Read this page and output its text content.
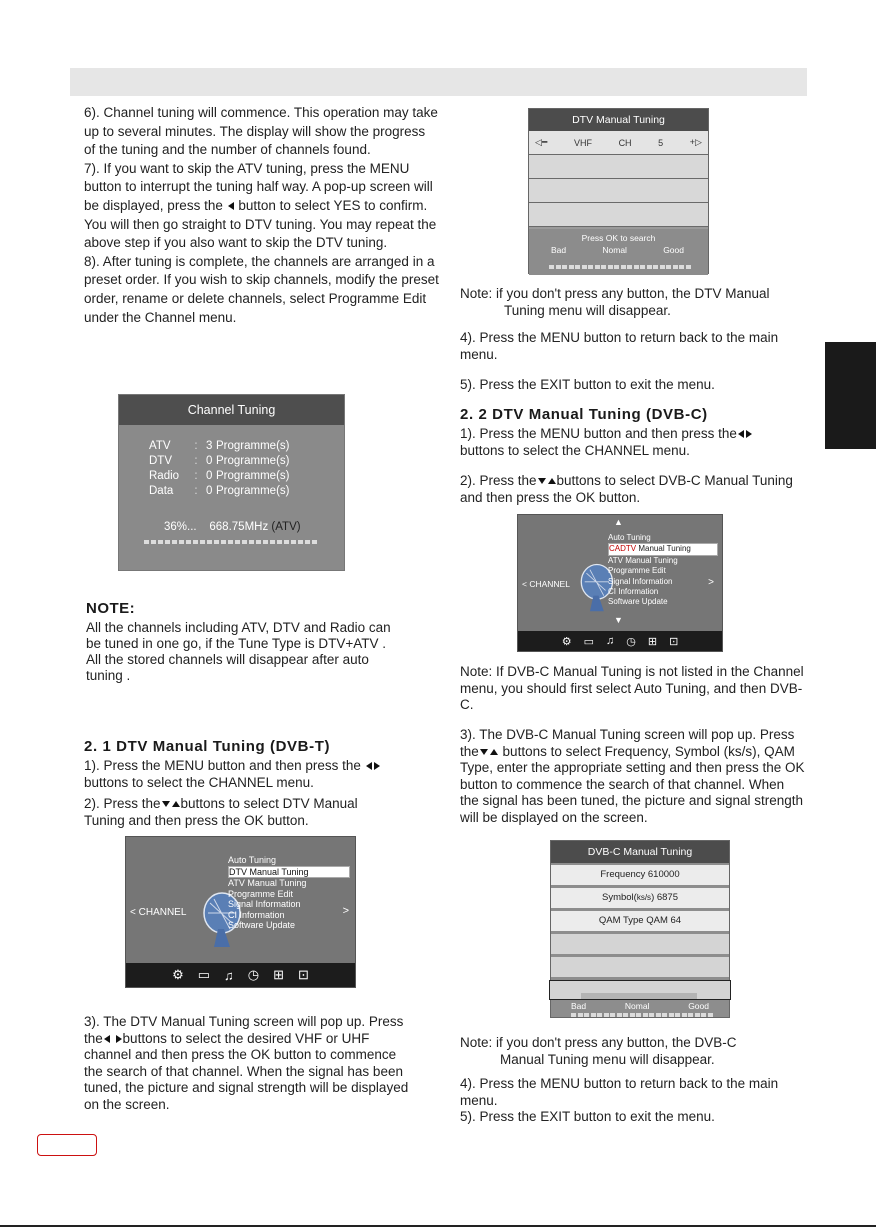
6). Channel tuning will commence. This operation may take up to several minutes. The display will show the progress of the tuning and the number of channels found.

7). If you want to skip the ATV tuning, press the MENU button to interrupt the tuning half way. A pop-up screen will be displayed, press the button to select YES to confirm. You will then go straight to DTV tuning. You may repeat the above step if you also want to skip the DTV tuning.

8). After tuning is complete, the channels are arranged in a preset order. If you wish to skip channels, modify the preset order, rename or delete channels, select Programme Edit under the Channel menu.

Channel Tuning
ATV	: 3 Programme(s)
DTV	: 0 Programme(s)
Radio	: 0 Programme(s)
Data	: 0 Programme(s)
36%... 668.75MHz (ATV)
NOTE:
All the channels including ATV, DTV and Radio can be tuned in one go, if the Tune Type is DTV+ATV .
All the stored channels will disappear after auto tuning .
2. 1 DTV Manual Tuning (DVB-T)
1). Press the MENU button and then press the  buttons to select the CHANNEL menu.
2). Press the buttons to select DTV Manual Tuning and then press the OK button.
< CHANNEL	>
Auto Tuning
DTV Manual Tuning
ATV Manual Tuning
Programme Edit
Signal Information
CI Information
Software Update
⚙ ▭ ♫ ◷ ⊞ ⊡
3). The DTV Manual Tuning screen will pop up. Press the buttons to select the desired VHF or UHF channel and then press the OK button to commence the search of that channel. When the signal has been tuned, the picture and signal strength will be displayed on the screen.
DTV Manual Tuning
◁━	VHF	CH	5	+▷
Press OK to search
Bad	Nomal	Good
Note: if you don't press any button, the DTV Manual
Tuning menu will disappear.
4). Press the MENU button to return back to the main menu.
5). Press the EXIT button to exit the menu.
2. 2 DTV Manual Tuning (DVB-C)
1). Press the MENU button and then press the buttons to select the CHANNEL menu.
2). Press the buttons to select DVB-C Manual Tuning and then press the OK button.
▲
▼
< CHANNEL	>
Auto Tuning
CADTV Manual Tuning
ATV Manual Tuning
Programme Edit
Signal Information
CI Information
Software Update
⚙ ▭ ♫ ◷ ⊞ ⊡
Note: If DVB-C Manual Tuning is not listed in the Channel menu, you should first select Auto Tuning, and then DVB-C.
3). The DVB-C Manual Tuning screen will pop up. Press the buttons to select Frequency, Symbol (ks/s), QAM Type, enter the appropriate setting and then press the OK button to commence the search of that channel. When the signal has been tuned, the picture and signal strength will be displayed on the screen.
DVB-C Manual Tuning
Frequency 610000
Symbol(ks/s) 6875
QAM Type QAM 64
Bad	Nomal	Good
Note: if you don't press any button, the DVB-C
Manual Tuning menu will disappear.
4). Press the MENU button to return back to the main menu.
5). Press the EXIT button to exit the menu.
